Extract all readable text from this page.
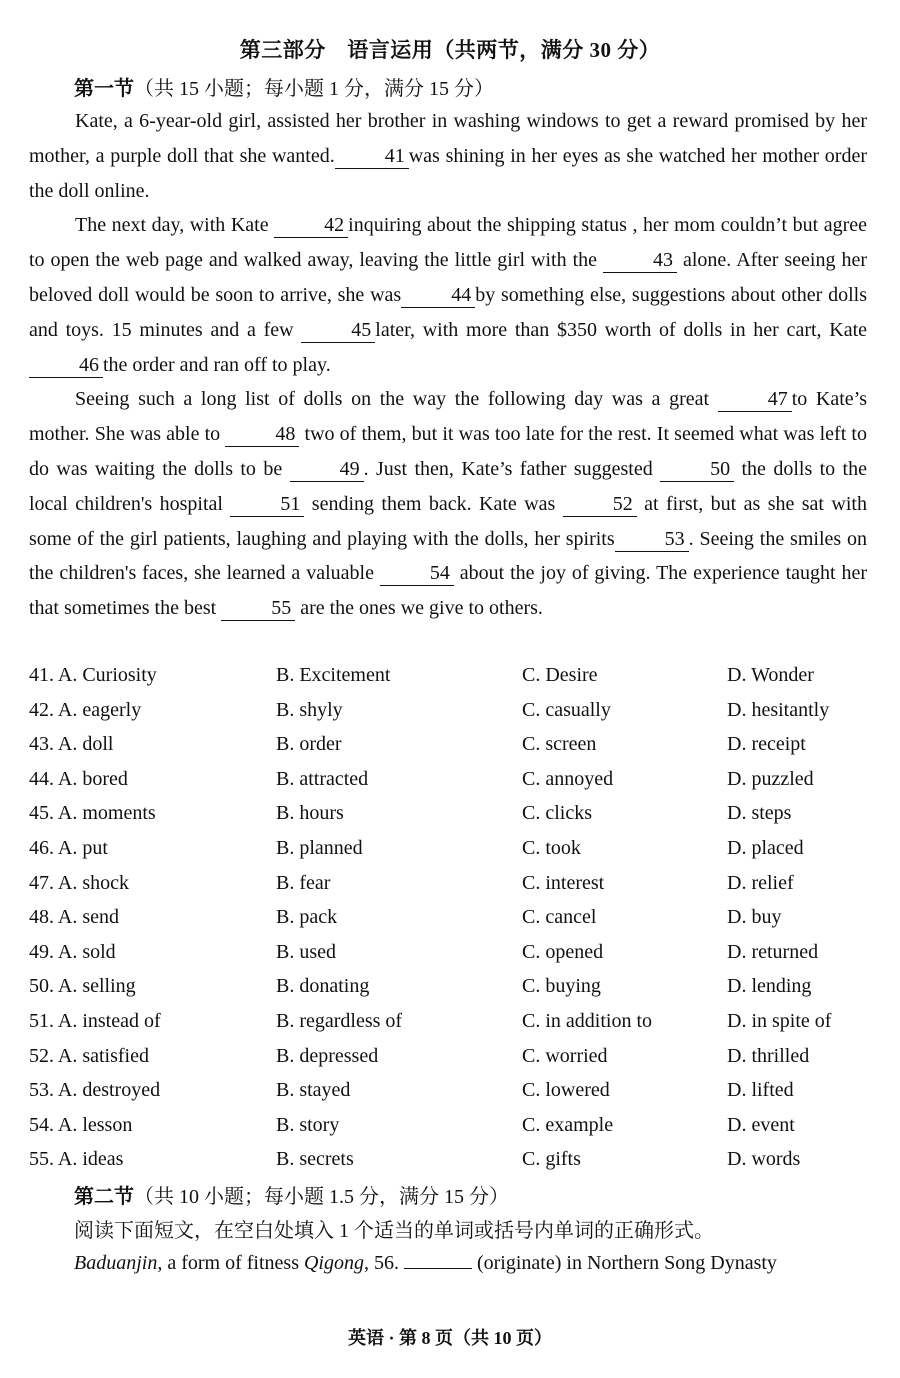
第三部分　语言运用（共两节，满分 30 分）
第一节（共 15 小题；每小题 1 分，满分 15 分）

Kate, a 6-year-old girl, assisted her brother in washing windows to get a reward promised by her mother, a purple doll that she wanted.	41 was shining in her eyes as she watched her mother order the doll online.

The next day, with Kate	42 inquiring about the shipping status , her mom couldn’t but agree to open the web page and walked away, leaving the little girl with the	43 alone. After seeing her beloved doll would be soon to arrive, she was	44 by something else, suggestions about other dolls and toys. 15 minutes and a few	45 later, with more than $350 worth of dolls in her cart, Kate46 the order and ran off to play.

Seeing such a long list of dolls on the way the following day was a great	47 to Kate’s mother. She was able to	48 two of them, but it was too late for the rest. It seemed what was left to do was waiting the dolls to be	49 . Just then, Kate’s father suggested	50 the dolls to the local children's hospital	51 sending them back. Kate was	52 at first, but as she sat with some of the girl patients, laughing and playing with the dolls, her spirits	53 . Seeing the smiles on the children's faces, she learned a valuable	54 about the joy of giving. The experience taught her that sometimes the best	55 are the ones we give to others.

41. A. Curiosity	B. Excitement	C. Desire	D. Wonder
42. A. eagerly	B. shyly	C. casually	D. hesitantly
43. A. doll	B. order	C. screen	D. receipt
44. A. bored	B. attracted	C. annoyed	D. puzzled
45. A. moments	B. hours	C. clicks	D. steps
46. A. put	B. planned	C. took	D. placed
47. A. shock	B. fear	C. interest	D. relief
48. A. send	B. pack	C. cancel	D. buy
49. A. sold	B. used	C. opened	D. returned
50. A. selling	B. donating	C. buying	D. lending
51. A. instead of	B. regardless of	C. in addition to	D. in spite of
52. A. satisfied	B. depressed	C. worried	D. thrilled
53. A. destroyed	B. stayed	C. lowered	D. lifted
54. A. lesson	B. story	C. example	D. event
55. A. ideas	B. secrets	C. gifts	D. words
第二节（共 10 小题；每小题 1.5 分，满分 15 分）
阅读下面短文，在空白处填入 1 个适当的单词或括号内单词的正确形式。
Baduanjin, a form of fitness Qigong, 56.	(originate) in Northern Song Dynasty
英语 · 第 8 页（共 10 页）
